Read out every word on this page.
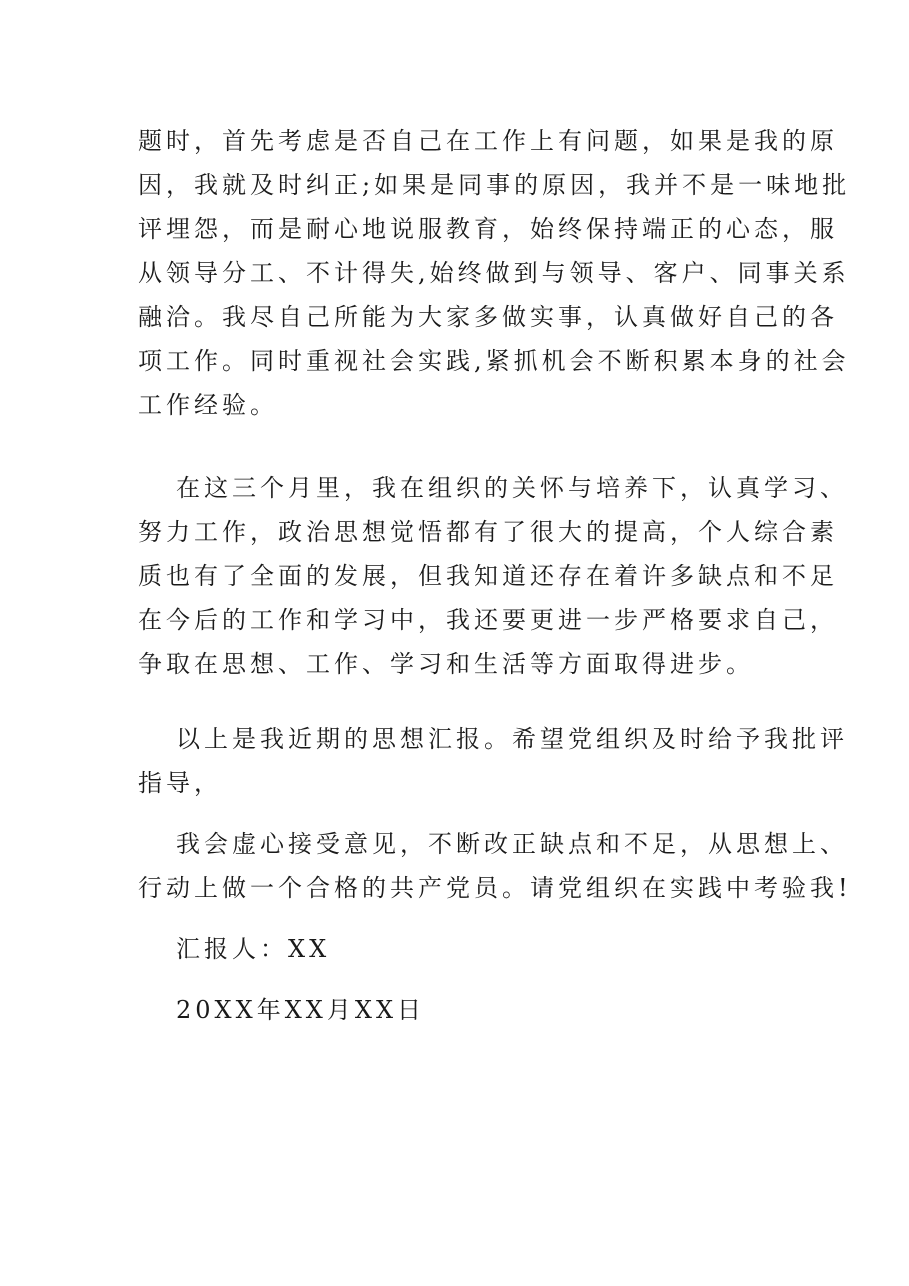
题时，首先考虑是否自己在工作上有问题，如果是我的原
因，我就及时纠正;如果是同事的原因，我并不是一味地批
评埋怨，而是耐心地说服教育，始终保持端正的心态，服
从领导分工、不计得失,始终做到与领导、客户、同事关系
融洽。我尽自己所能为大家多做实事，认真做好自己的各
项工作。同时重视社会实践,紧抓机会不断积累本身的社会
工作经验。
在这三个月里，我在组织的关怀与培养下，认真学习、
努力工作，政治思想觉悟都有了很大的提高，个人综合素
质也有了全面的发展，但我知道还存在着许多缺点和不足
在今后的工作和学习中，我还要更进一步严格要求自己，
争取在思想、工作、学习和生活等方面取得进步。
以上是我近期的思想汇报。希望党组织及时给予我批评
指导，
我会虚心接受意见，不断改正缺点和不足，从思想上、
行动上做一个合格的共产党员。请党组织在实践中考验我!
汇报人：XX
20XX年XX月XX日
